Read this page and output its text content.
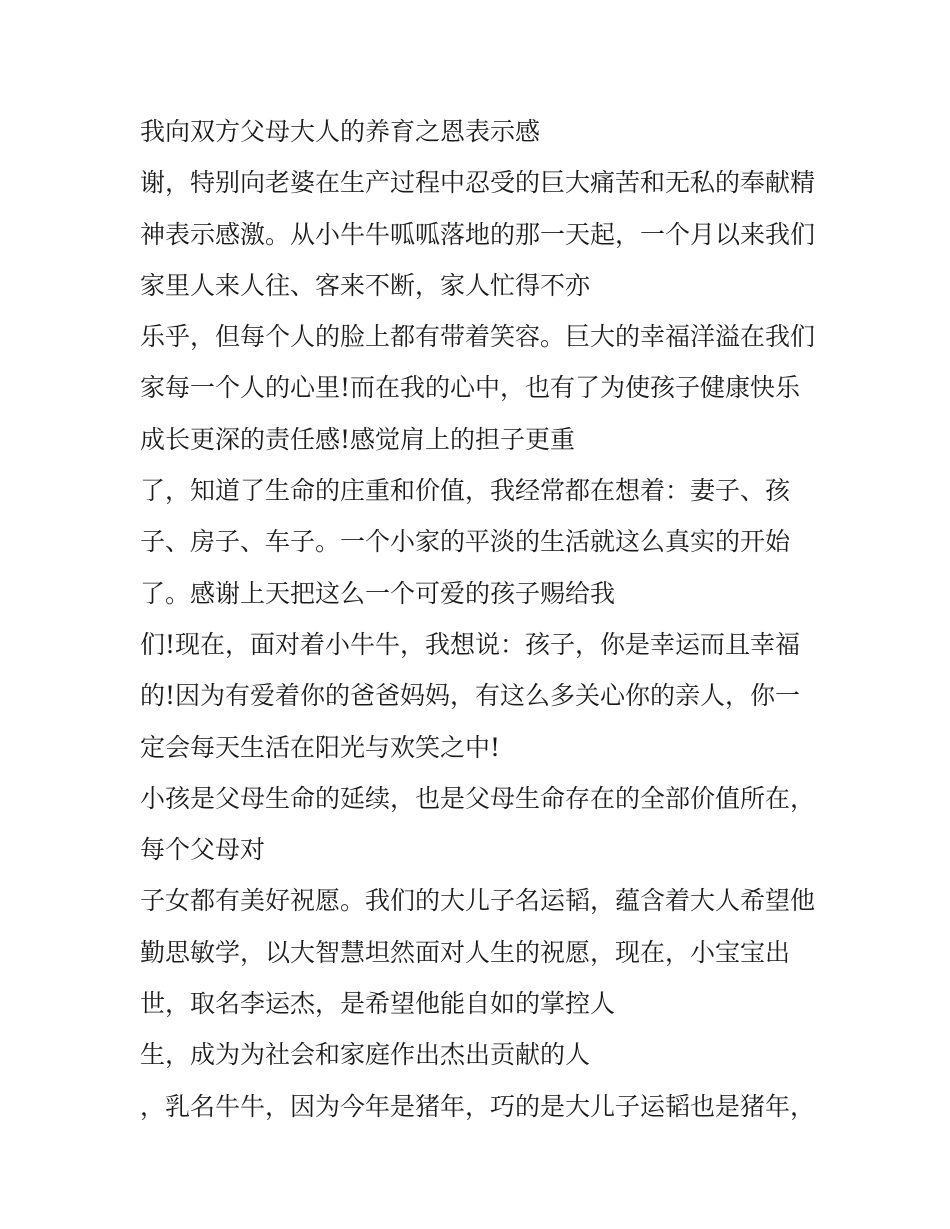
我向双方父母大人的养育之恩表示感
谢，特别向老婆在生产过程中忍受的巨大痛苦和无私的奉献精
神表示感激。从小牛牛呱呱落地的那一天起，一个月以来我们
家里人来人往、客来不断，家人忙得不亦
乐乎，但每个人的脸上都有带着笑容。巨大的幸福洋溢在我们
家每一个人的心里!而在我的心中，也有了为使孩子健康快乐
成长更深的责任感!感觉肩上的担子更重
了，知道了生命的庄重和价值，我经常都在想着：妻子、孩
子、房子、车子。一个小家的平淡的生活就这么真实的开始
了。感谢上天把这么一个可爱的孩子赐给我
们!现在，面对着小牛牛，我想说：孩子，你是幸运而且幸福
的!因为有爱着你的爸爸妈妈，有这么多关心你的亲人，你一
定会每天生活在阳光与欢笑之中!
小孩是父母生命的延续，也是父母生命存在的全部价值所在，
每个父母对
子女都有美好祝愿。我们的大儿子名运韬，蕴含着大人希望他
勤思敏学，以大智慧坦然面对人生的祝愿，现在，小宝宝出
世，取名李运杰，是希望他能自如的掌控人
生，成为为社会和家庭作出杰出贡献的人
，乳名牛牛，因为今年是猪年，巧的是大儿子运韬也是猪年，
